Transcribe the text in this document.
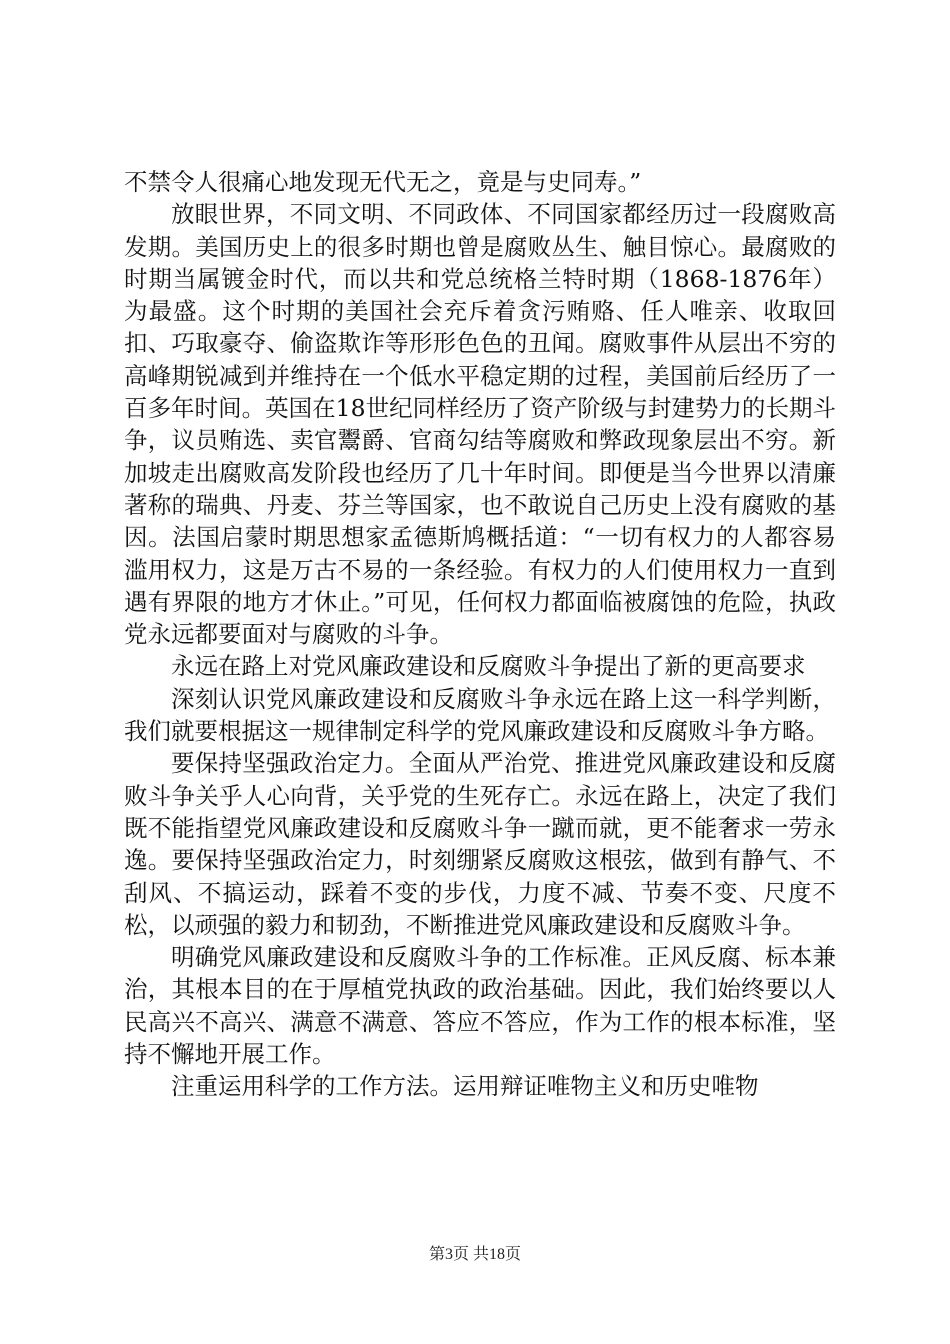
不禁令人很痛心地发现无代无之，竟是与史同寿。”

放眼世界，不同文明、不同政体、不同国家都经历过一段腐败高发期。美国历史上的很多时期也曾是腐败丛生、触目惊心。最腐败的时期当属镀金时代，而以共和党总统格兰特时期（1868-1876年）为最盛。这个时期的美国社会充斥着贪污贿赂、任人唯亲、收取回扣、巧取豪夺、偷盗欺诈等形形色色的丑闻。腐败事件从层出不穷的高峰期锐减到并维持在一个低水平稳定期的过程，美国前后经历了一百多年时间。英国在18世纪同样经历了资产阶级与封建势力的长期斗争，议员贿选、卖官鬻爵、官商勾结等腐败和弊政现象层出不穷。新加坡走出腐败高发阶段也经历了几十年时间。即便是当今世界以清廉著称的瑞典、丹麦、芬兰等国家，也不敢说自己历史上没有腐败的基因。法国启蒙时期思想家孟德斯鸠概括道：“一切有权力的人都容易滥用权力，这是万古不易的一条经验。有权力的人们使用权力一直到遇有界限的地方才休止。”可见，任何权力都面临被腐蚀的危险，执政党永远都要面对与腐败的斗争。

永远在路上对党风廉政建设和反腐败斗争提出了新的更高要求

深刻认识党风廉政建设和反腐败斗争永远在路上这一科学判断，我们就要根据这一规律制定科学的党风廉政建设和反腐败斗争方略。

要保持坚强政治定力。全面从严治党、推进党风廉政建设和反腐败斗争关乎人心向背，关乎党的生死存亡。永远在路上，决定了我们既不能指望党风廉政建设和反腐败斗争一蹴而就，更不能奢求一劳永逸。要保持坚强政治定力，时刻绷紧反腐败这根弦，做到有静气、不刮风、不搞运动，踩着不变的步伐，力度不减、节奏不变、尺度不松，以顽强的毅力和韧劲，不断推进党风廉政建设和反腐败斗争。

明确党风廉政建设和反腐败斗争的工作标准。正风反腐、标本兼治，其根本目的在于厚植党执政的政治基础。因此，我们始终要以人民高兴不高兴、满意不满意、答应不答应，作为工作的根本标准，坚持不懈地开展工作。

注重运用科学的工作方法。运用辩证唯物主义和历史唯物

第3页 共18页
